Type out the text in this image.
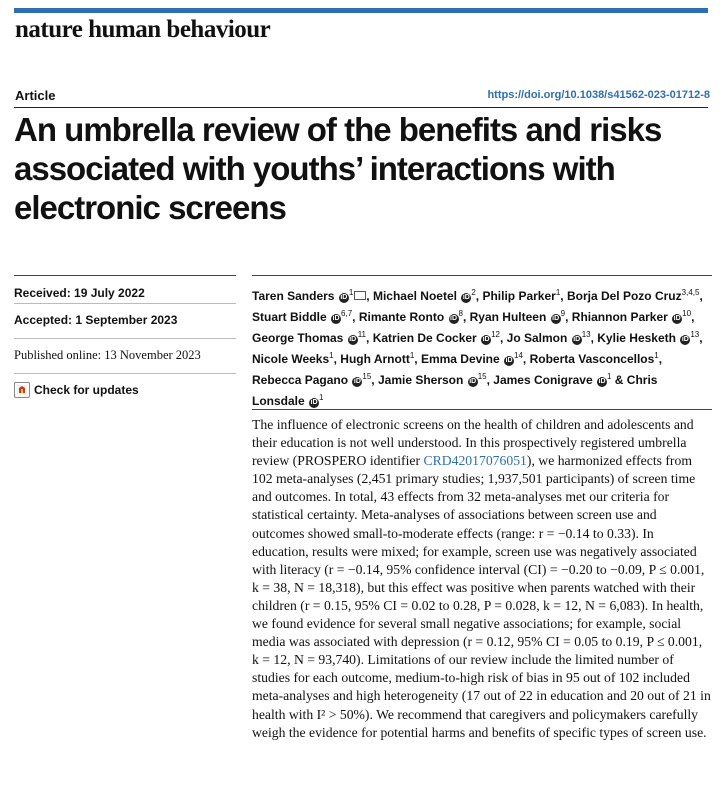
nature human behaviour
Article	https://doi.org/10.1038/s41562-023-01712-8
An umbrella review of the benefits and risks associated with youths’ interactions with electronic screens
Received: 19 July 2022
Accepted: 1 September 2023
Published online: 13 November 2023
Check for updates

Taren Sanders $iD^1$ , Michael Noetel $iD^2$, Philip Parker$^1$, Borja Del Pozo Cruz$^{3,4,5}$, Stuart Biddle iD$^{6,7}$, Rimante Ronto $iD^8$, Ryan Hulteen $iD^9$, Rhiannon Parker $iD^{10}$, George Thomas $iD^{11}$, Katrien De Cocker $iD^{12}$, Jo Salmon $iD^{13}$, Kylie Hesketh $iD^{13}$, Nicole Weeks$^1$, Hugh Arnott$^1$, Emma Devine $iD^{14}$, Roberta Vasconcellos$^1$, Rebecca Pagano $iD^{15}$, Jamie Sherson $iD^{15}$, James Conigrave $iD^1$ & Chris Lonsdale $iD^1$

The influence of electronic screens on the health of children and adolescents and their education is not well understood. In this prospectively registered umbrella review (PROSPERO identifier CRD42017076051), we harmonized effects from 102 meta-analyses (2,451 primary studies; 1,937,501 participants) of screen time and outcomes. In total, 43 effects from 32 meta-analyses met our criteria for statistical certainty. Meta-analyses of associations between screen use and outcomes showed small-to-moderate effects (range: r = −0.14 to 0.33). In education, results were mixed; for example, screen use was negatively associated with literacy (r = −0.14, 95% confidence interval (CI) = −0.20 to −0.09, P ≤ 0.001, k = 38, N = 18,318), but this effect was positive when parents watched with their children (r = 0.15, 95% CI = 0.02 to 0.28, P = 0.028, k = 12, N = 6,083). In health, we found evidence for several small negative associations; for example, social media was associated with depression (r = 0.12, 95% CI = 0.05 to 0.19, P ≤ 0.001, k = 12, N = 93,740). Limitations of our review include the limited number of studies for each outcome, medium-to-high risk of bias in 95 out of 102 included meta-analyses and high heterogeneity (17 out of 22 in education and 20 out of 21 in health with I² > 50%). We recommend that caregivers and policymakers carefully weigh the evidence for potential harms and benefits of specific types of screen use.
